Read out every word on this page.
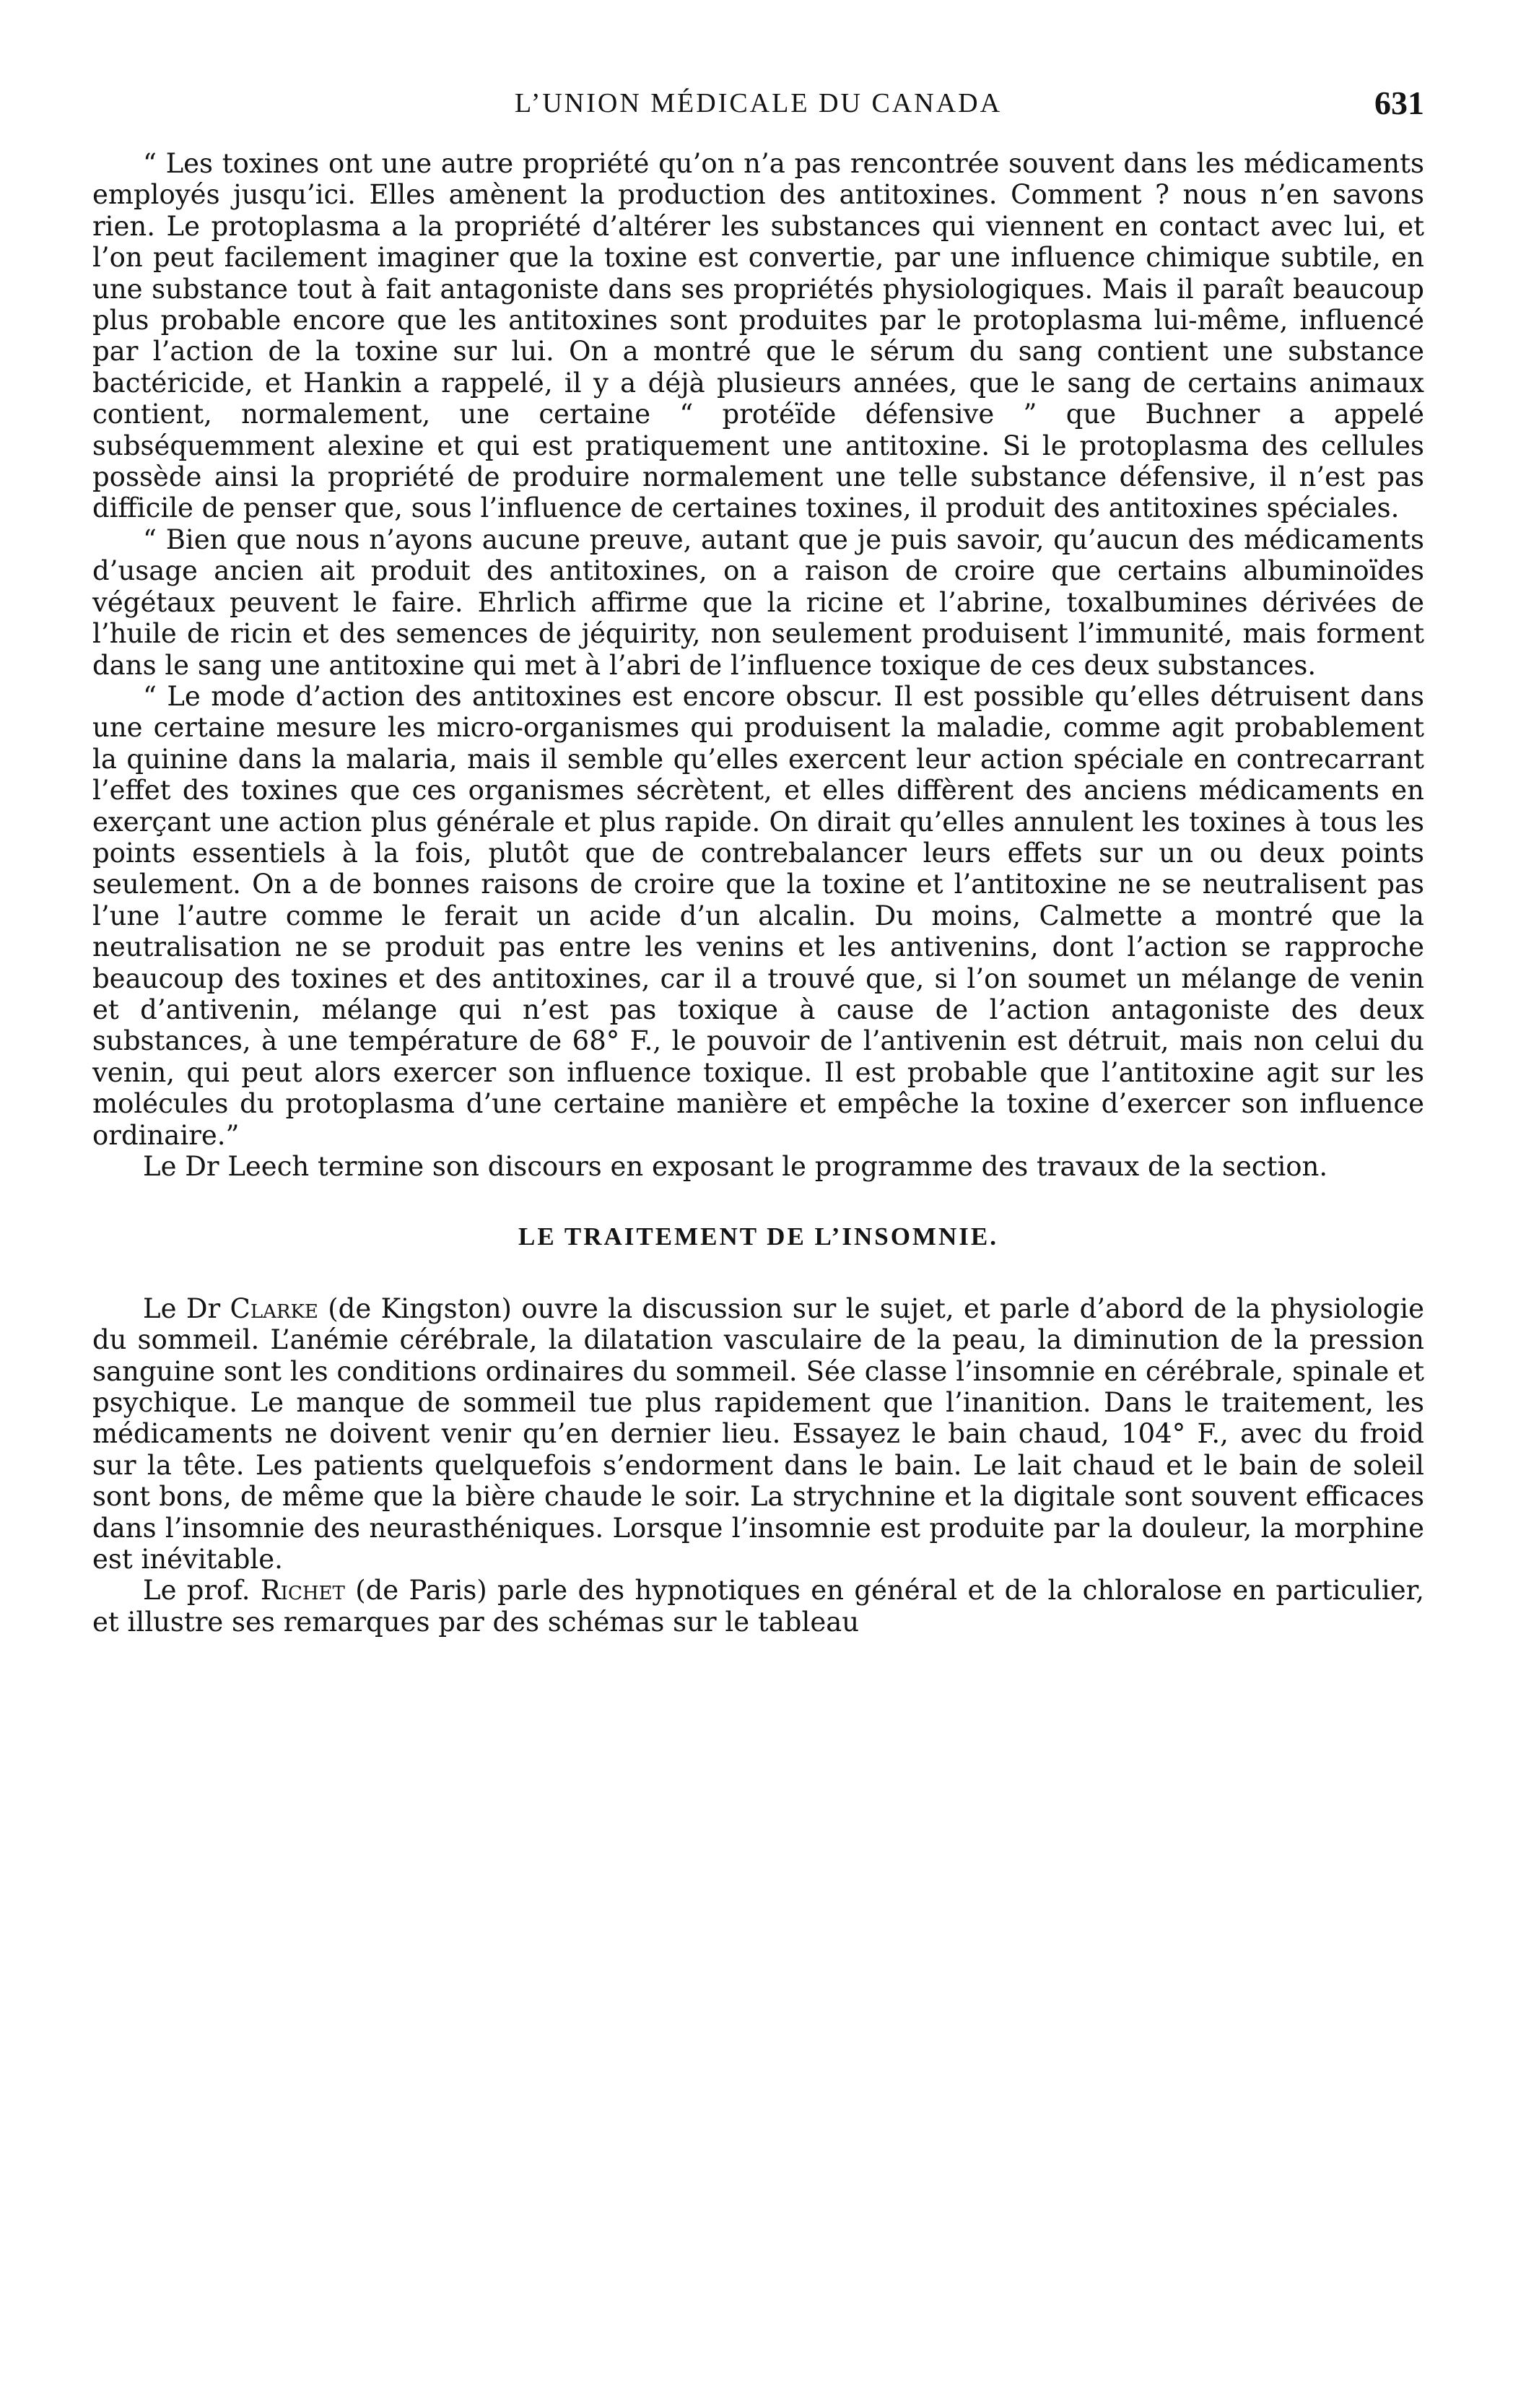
L’UNION MÉDICALE DU CANADA	631

“ Les toxines ont une autre propriété qu’on n’a pas rencontrée souvent dans les médicaments employés jusqu’ici. Elles amènent la production des antitoxines. Comment ? nous n’en savons rien. Le protoplasma a la propriété d’altérer les substances qui viennent en contact avec lui, et l’on peut facilement imaginer que la toxine est convertie, par une influence chimique subtile, en une substance tout à fait antagoniste dans ses propriétés physiologiques. Mais il paraît beaucoup plus probable encore que les antitoxines sont produites par le protoplasma lui-même, influencé par l’action de la toxine sur lui. On a montré que le sérum du sang contient une substance bactéricide, et Hankin a rappelé, il y a déjà plusieurs années, que le sang de certains animaux contient, normalement, une certaine “ protéïde défensive ” que Buchner a appelé subséquemment alexine et qui est pratiquement une antitoxine. Si le protoplasma des cellules possède ainsi la propriété de produire normalement une telle substance défensive, il n’est pas difficile de penser que, sous l’influence de certaines toxines, il produit des antitoxines spéciales.

“ Bien que nous n’ayons aucune preuve, autant que je puis savoir, qu’aucun des médicaments d’usage ancien ait produit des antitoxines, on a raison de croire que certains albuminoïdes végétaux peuvent le faire. Ehrlich affirme que la ricine et l’abrine, toxalbumines dérivées de l’huile de ricin et des semences de jéquirity, non seulement produisent l’immunité, mais forment dans le sang une antitoxine qui met à l’abri de l’influence toxique de ces deux substances.

“ Le mode d’action des antitoxines est encore obscur. Il est possible qu’elles détruisent dans une certaine mesure les micro-organismes qui produisent la maladie, comme agit probablement la quinine dans la malaria, mais il semble qu’elles exercent leur action spéciale en contrecarrant l’effet des toxines que ces organismes sécrètent, et elles diffèrent des anciens médicaments en exerçant une action plus générale et plus rapide. On dirait qu’elles annulent les toxines à tous les points essentiels à la fois, plutôt que de contrebalancer leurs effets sur un ou deux points seulement. On a de bonnes raisons de croire que la toxine et l’antitoxine ne se neutralisent pas l’une l’autre comme le ferait un acide d’un alcalin. Du moins, Calmette a montré que la neutralisation ne se produit pas entre les venins et les antivenins, dont l’action se rapproche beaucoup des toxines et des antitoxines, car il a trouvé que, si l’on soumet un mélange de venin et d’antivenin, mélange qui n’est pas toxique à cause de l’action antagoniste des deux substances, à une température de 68° F., le pouvoir de l’antivenin est détruit, mais non celui du venin, qui peut alors exercer son influence toxique. Il est probable que l’antitoxine agit sur les molécules du protoplasma d’une certaine manière et empêche la toxine d’exercer son influence ordinaire.”

Le Dr Leech termine son discours en exposant le programme des travaux de la section.

LE TRAITEMENT DE L’INSOMNIE.

Le Dr Clarke (de Kingston) ouvre la discussion sur le sujet, et parle d’abord de la physiologie du sommeil. L’anémie cérébrale, la dilatation vasculaire de la peau, la diminution de la pression sanguine sont les conditions ordinaires du sommeil. Sée classe l’insomnie en cérébrale, spinale et psychique. Le manque de sommeil tue plus rapidement que l’inanition. Dans le traitement, les médicaments ne doivent venir qu’en dernier lieu. Essayez le bain chaud, 104° F., avec du froid sur la tête. Les patients quelquefois s’endorment dans le bain. Le lait chaud et le bain de soleil sont bons, de même que la bière chaude le soir. La strychnine et la digitale sont souvent efficaces dans l’insomnie des neurasthéniques. Lorsque l’insomnie est produite par la douleur, la morphine est inévitable.

Le prof. Richet (de Paris) parle des hypnotiques en général et de la chloralose en particulier, et illustre ses remarques par des schémas sur le tableau
